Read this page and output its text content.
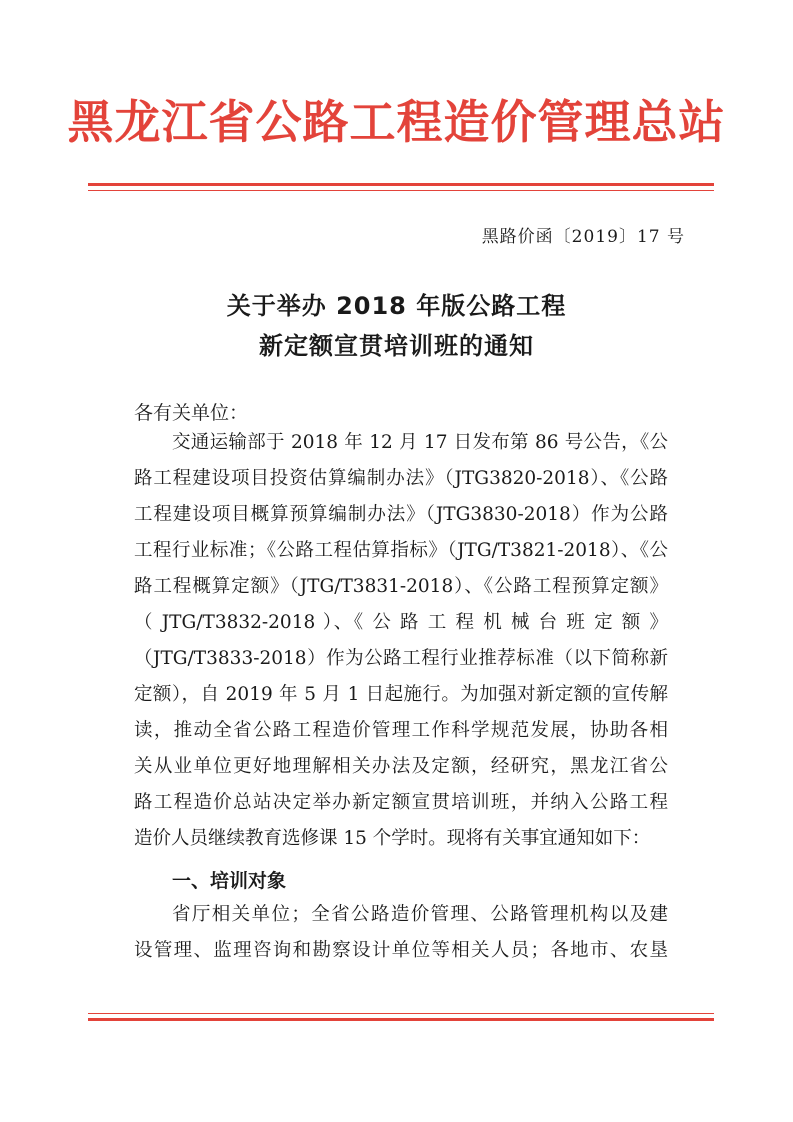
黑龙江省公路工程造价管理总站
黑路价函〔2019〕17 号
关于举办 2018 年版公路工程
新定额宣贯培训班的通知
各有关单位：
交通运输部于 2018 年 12 月 17 日发布第 86 号公告，《公
路工程建设项目投资估算编制办法》（JTG3820-2018）、《公路
工程建设项目概算预算编制办法》（JTG3830-2018）作为公路
工程行业标准；《公路工程估算指标》（JTG/T3821-2018）、《公
路工程概算定额》（JTG/T3831-2018）、《公路工程预算定额》
（ JTG/T3832-2018 ）、《 公 路 工 程 机 械 台 班 定 额 》
（JTG/T3833-2018）作为公路工程行业推荐标准（以下简称新
定额），自 2019 年 5 月 1 日起施行。为加强对新定额的宣传解
读，推动全省公路工程造价管理工作科学规范发展，协助各相
关从业单位更好地理解相关办法及定额，经研究，黑龙江省公
路工程造价总站决定举办新定额宣贯培训班，并纳入公路工程
造价人员继续教育选修课 15 个学时。现将有关事宜通知如下：
一、培训对象
省厅相关单位；全省公路造价管理、公路管理机构以及建
设管理、监理咨询和勘察设计单位等相关人员；各地市、农垦
